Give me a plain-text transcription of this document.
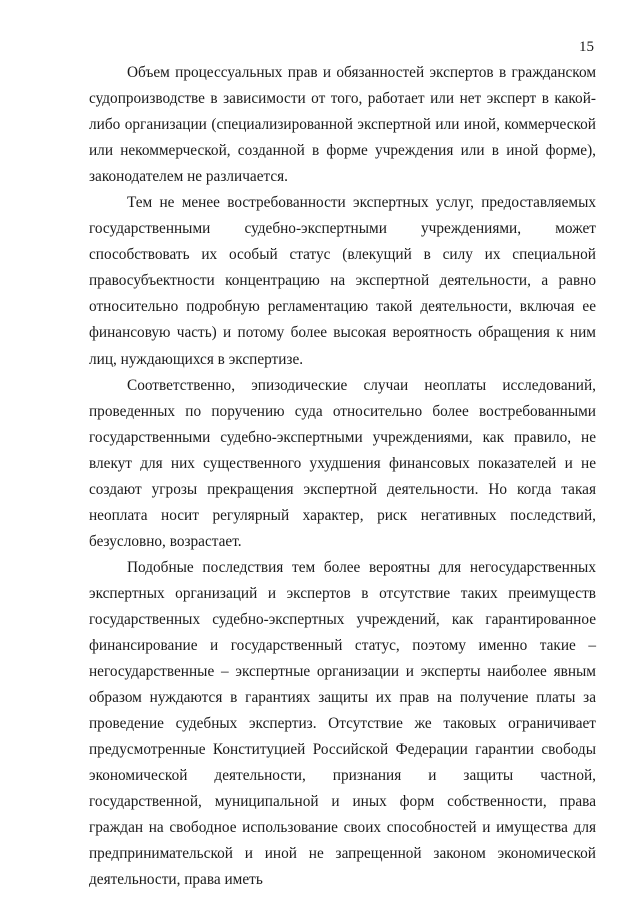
15

Объем процессуальных прав и обязанностей экспертов в гражданском судопроизводстве в зависимости от того, работает или нет эксперт в какой-либо организации (специализированной экспертной или иной, коммерческой или некоммерческой, созданной в форме учреждения или в иной форме), законодателем не различается.

Тем не менее востребованности экспертных услуг, предоставляемых государственными судебно-экспертными учреждениями, может способствовать их особый статус (влекущий в силу их специальной правосубъектности концентрацию на экспертной деятельности, а равно относительно подробную регламентацию такой деятельности, включая ее финансовую часть) и потому более высокая вероятность обращения к ним лиц, нуждающихся в экспертизе.

Соответственно, эпизодические случаи неоплаты исследований, проведенных по поручению суда относительно более востребованными государственными судебно-экспертными учреждениями, как правило, не влекут для них существенного ухудшения финансовых показателей и не создают угрозы прекращения экспертной деятельности. Но когда такая неоплата носит регулярный характер, риск негативных последствий, безусловно, возрастает.

Подобные последствия тем более вероятны для негосударственных экспертных организаций и экспертов в отсутствие таких преимуществ государственных судебно-экспертных учреждений, как гарантированное финансирование и государственный статус, поэтому именно такие – негосударственные – экспертные организации и эксперты наиболее явным образом нуждаются в гарантиях защиты их прав на получение платы за проведение судебных экспертиз. Отсутствие же таковых ограничивает предусмотренные Конституцией Российской Федерации гарантии свободы экономической деятельности, признания и защиты частной, государственной, муниципальной и иных форм собственности, права граждан на свободное использование своих способностей и имущества для предпринимательской и иной не запрещенной законом экономической деятельности, права иметь
